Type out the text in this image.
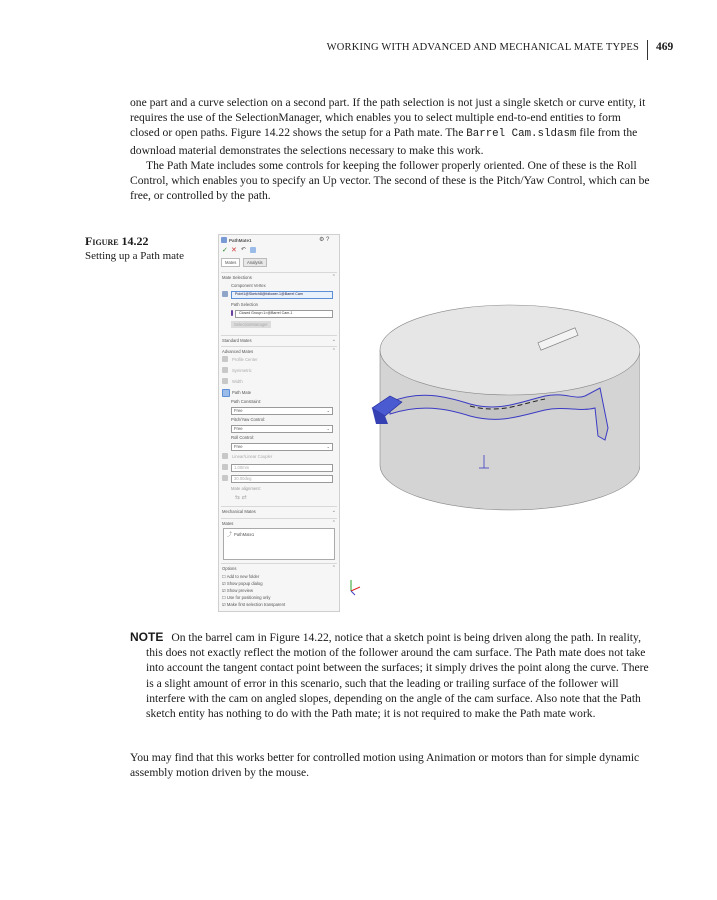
WORKING WITH ADVANCED AND MECHANICAL MATE TYPES 469

one part and a curve selection on a second part. If the path selection is not just a single sketch or curve entity, it requires the use of the SelectionManager, which enables you to select multiple end-to-end entities to form closed or open paths. Figure 14.22 shows the setup for a Path mate. The Barrel Cam.sldasm file from the download material demonstrates the selections necessary to make this work.

The Path Mate includes some controls for keeping the follower properly oriented. One of these is the Roll Control, which enables you to specify an Up vector. The second of these is the Pitch/Yaw Control, which can be free, or controlled by the path.

Figure 14.22
Setting up a Path mate
PathMate1	⚙ ?
✓ ✕ ↶
Mates	Analysis
Mate Selections	⌃
Component Vertex
Point1@Sketch8@follower-1@Barrel Cam
Path Selection
Closed Group<1>@Barrel Cam-1
SelectionManager
Standard Mates	⌄
Advanced Mates	⌃
Profile Center
Symmetric
Width
Path Mate
Path Constraint:
Free	⌄
Pitch/Yaw Control:
Free	⌄
Roll Control:
Free	⌄
Linear/Linear Coupler
1.00mm
30.00deg
Mate alignment:
⇆ ⇄
Mechanical Mates	⌄
Mates	⌃
PathMate1
⤴
Options	⌃
☐ Add to new folder
☑ Show popup dialog
☑ Show preview
☐ Use for positioning only
☑ Make first selection transparent
NOTE On the barrel cam in Figure 14.22, notice that a sketch point is being driven along the path. In reality, this does not exactly reflect the motion of the follower around the cam surface. The Path mate does not take into account the tangent contact point between the surfaces; it simply drives the point along the curve. There is a slight amount of error in this scenario, such that the leading or trailing surface of the follower will interfere with the cam on angled slopes, depending on the angle of the cam surface. Also note that the Path sketch entity has nothing to do with the Path mate; it is not required to make the Path mate work.
You may find that this works better for controlled motion using Animation or motors than for simple dynamic assembly motion driven by the mouse.
